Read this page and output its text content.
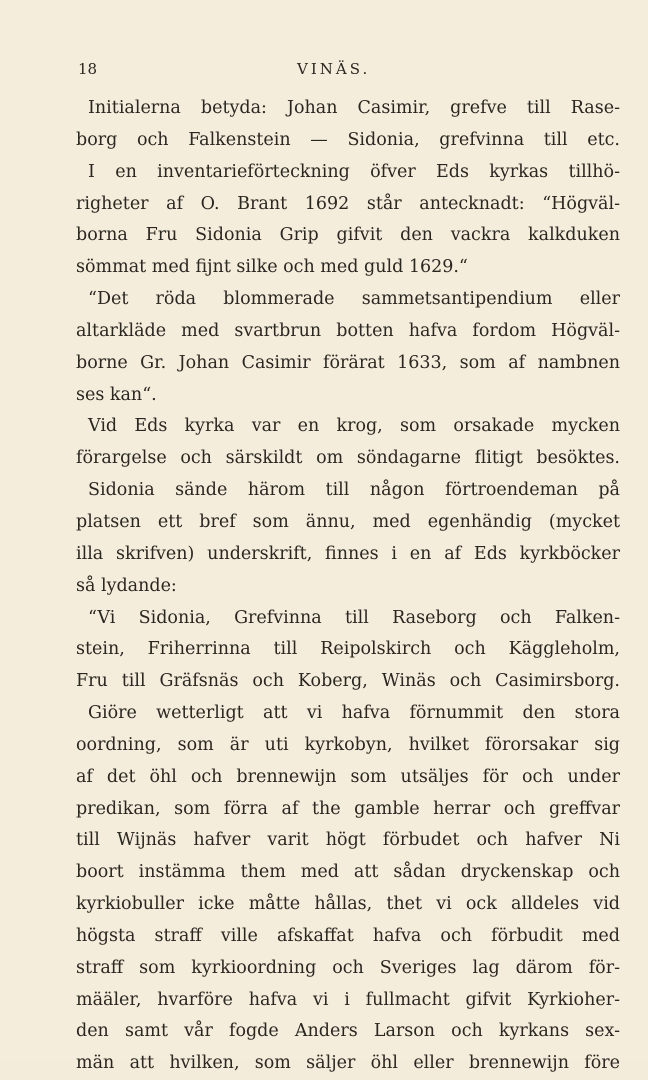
18	VINÄS.
Initialerna betyda: Johan Casimir, grefve till Rase-
borg och Falkenstein — Sidonia, grefvinna till etc.
I en inventarieförteckning öfver Eds kyrkas tillhö-
righeter af O. Brant 1692 står antecknadt: “Högväl-
borna Fru Sidonia Grip gifvit den vackra kalkduken
sömmat med fijnt silke och med guld 1629.“
“Det röda blommerade sammetsantipendium eller
altarkläde med svartbrun botten hafva fordom Högväl-
borne Gr. Johan Casimir förärat 1633, som af nambnen
ses kan“.
Vid Eds kyrka var en krog, som orsakade mycken
förargelse och särskildt om söndagarne flitigt besöktes.
Sidonia sände härom till någon förtroendeman på
platsen ett bref som ännu, med egenhändig (mycket
illa skrifven) underskrift, finnes i en af Eds kyrkböcker
så lydande:
“Vi Sidonia, Grefvinna till Raseborg och Falken-
stein, Friherrinna till Reipolskirch och Käggleholm,
Fru till Gräfsnäs och Koberg, Winäs och Casimirsborg.
Giöre wetterligt att vi hafva förnummit den stora
oordning, som är uti kyrkobyn, hvilket förorsakar sig
af det öhl och brennewijn som utsäljes för och under
predikan, som förra af the gamble herrar och greffvar
till Wijnäs hafver varit högt förbudet och hafver Ni
boort instämma them med att sådan dryckenskap och
kyrkiobuller icke måtte hållas, thet vi ock alldeles vid
högsta straff ville afskaffat hafva och förbudit med
straff som kyrkioordning och Sveriges lag därom för-
määler, hvarföre hafva vi i fullmacht gifvit Kyrkioher-
den samt vår fogde Anders Larson och kyrkans sex-
män att hvilken, som säljer öhl eller brennewijn före
